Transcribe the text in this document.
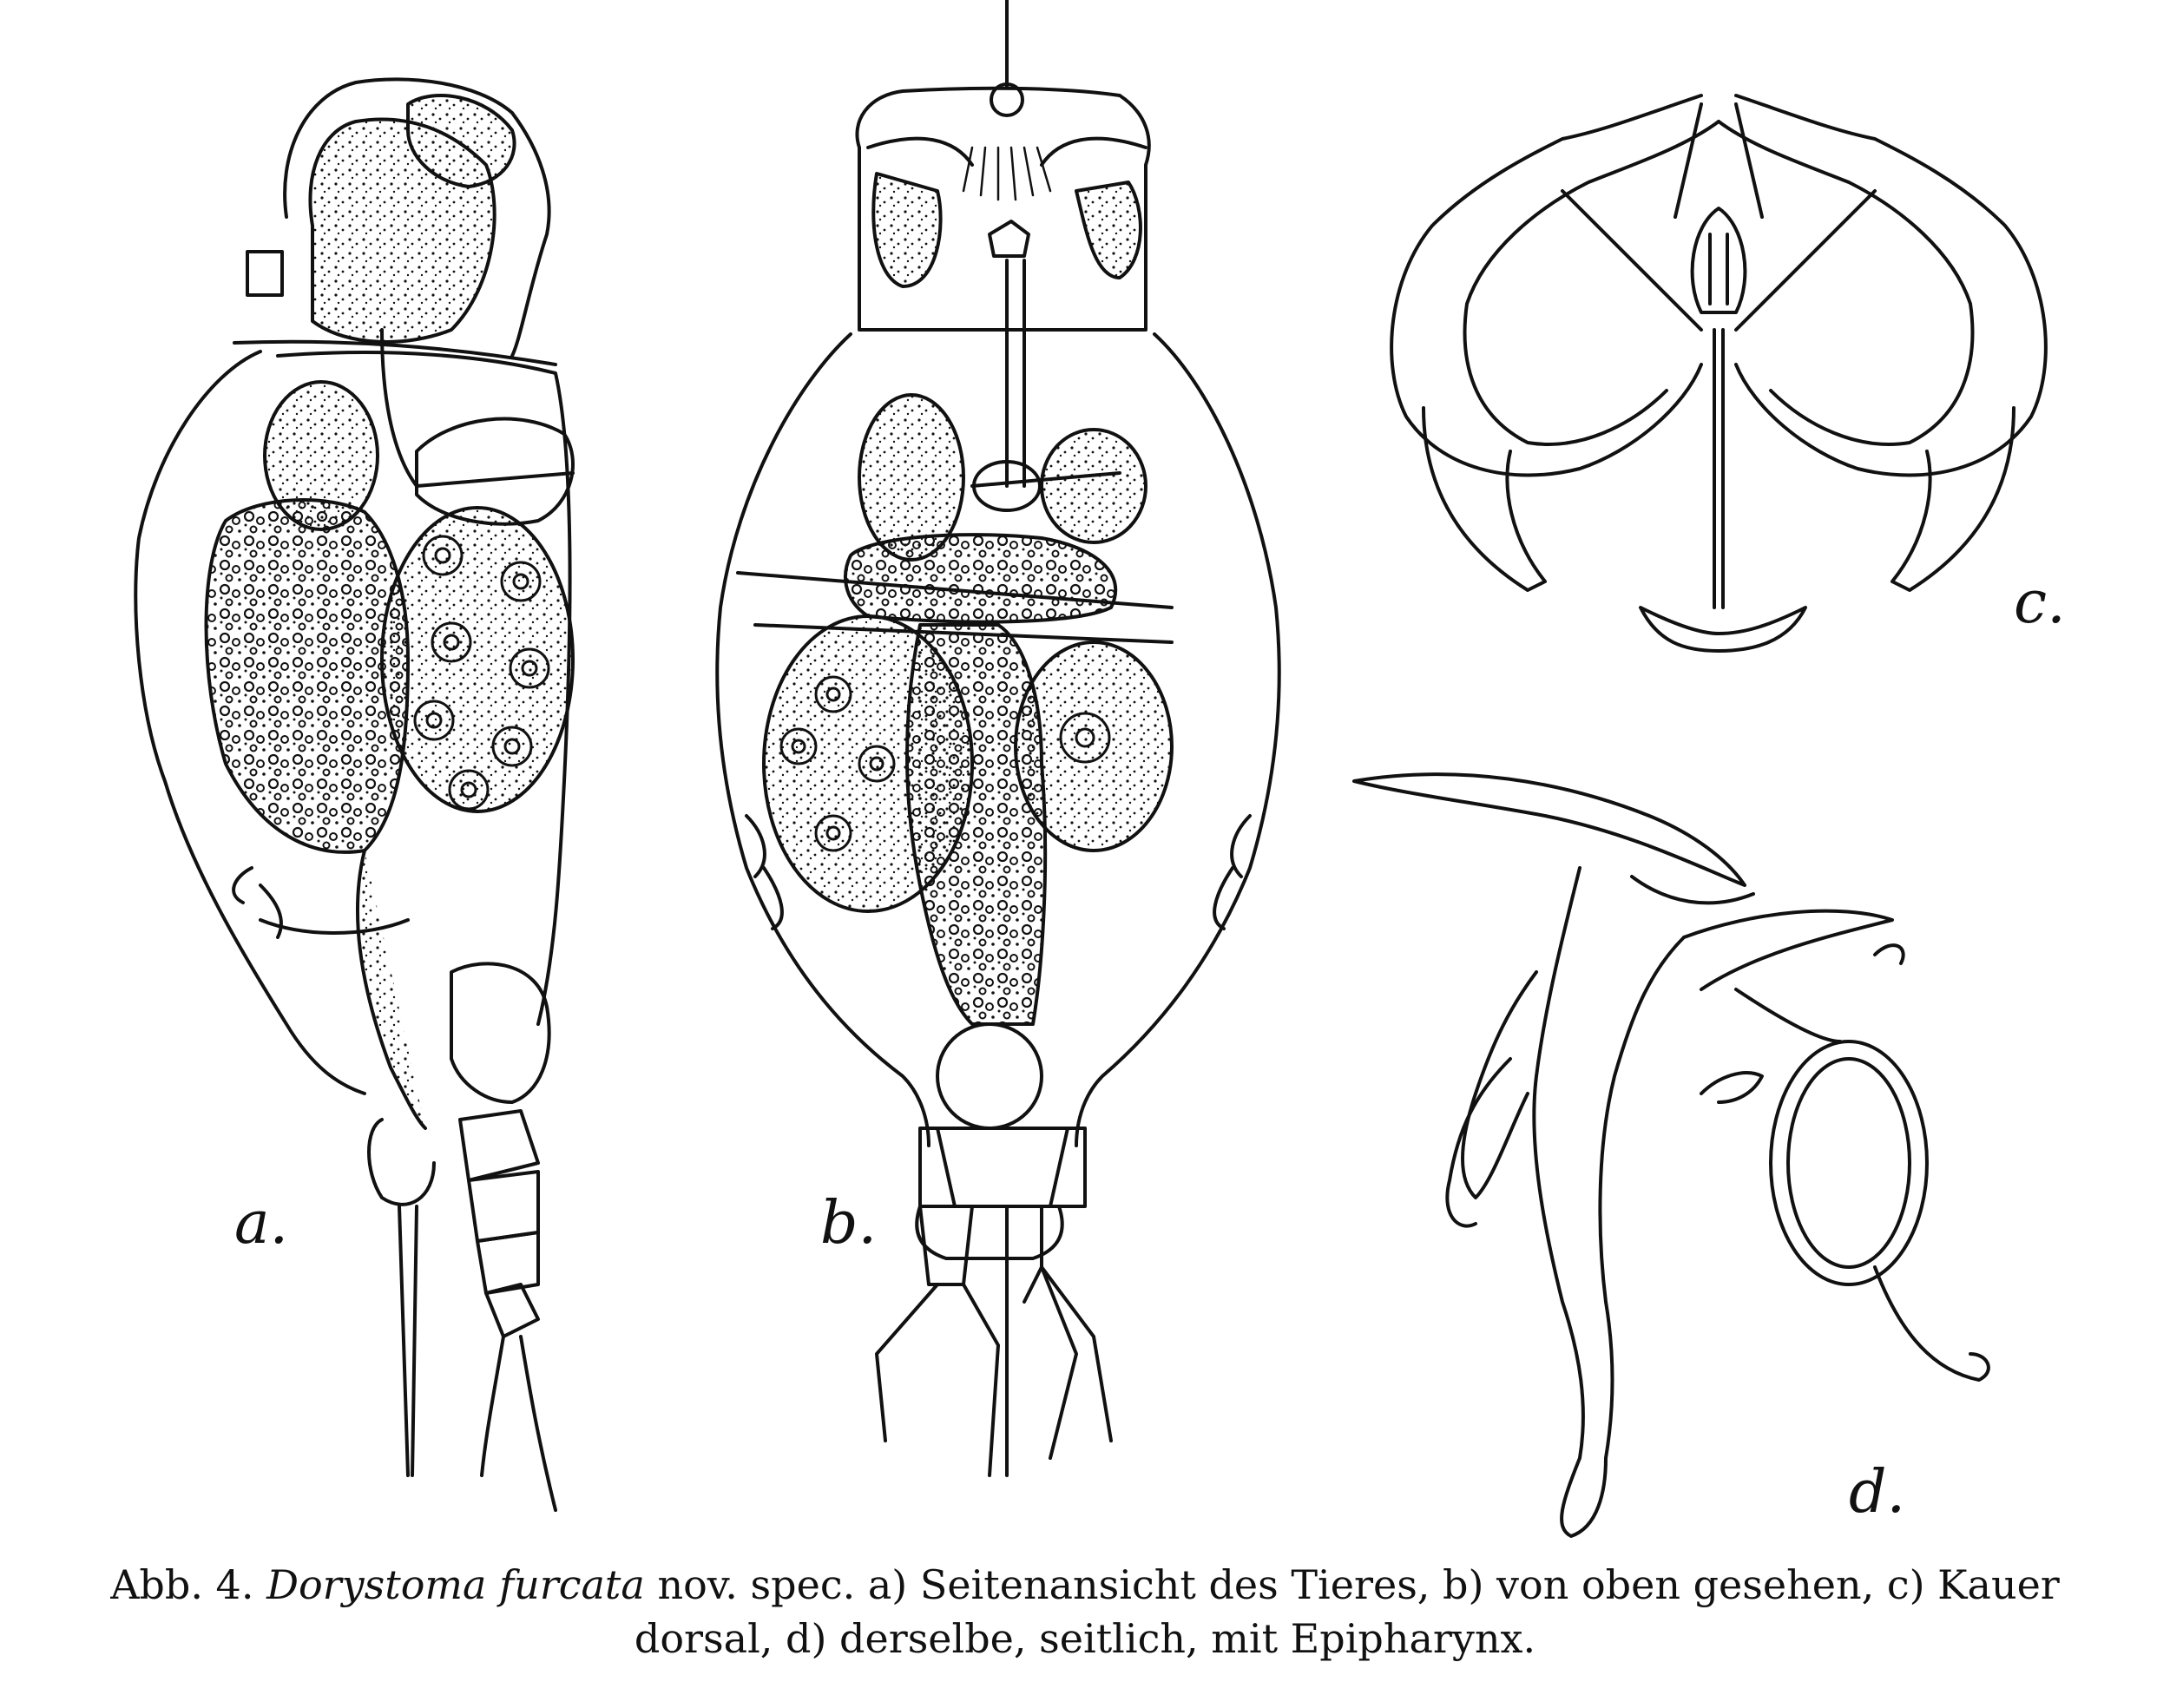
a.	b.
c.
d.
Abb. 4. Dorystoma furcata nov. spec. a) Seitenansicht des Tieres, b) von oben gesehen, c) Kauer
dorsal, d) derselbe, seitlich, mit Epipharynx.
